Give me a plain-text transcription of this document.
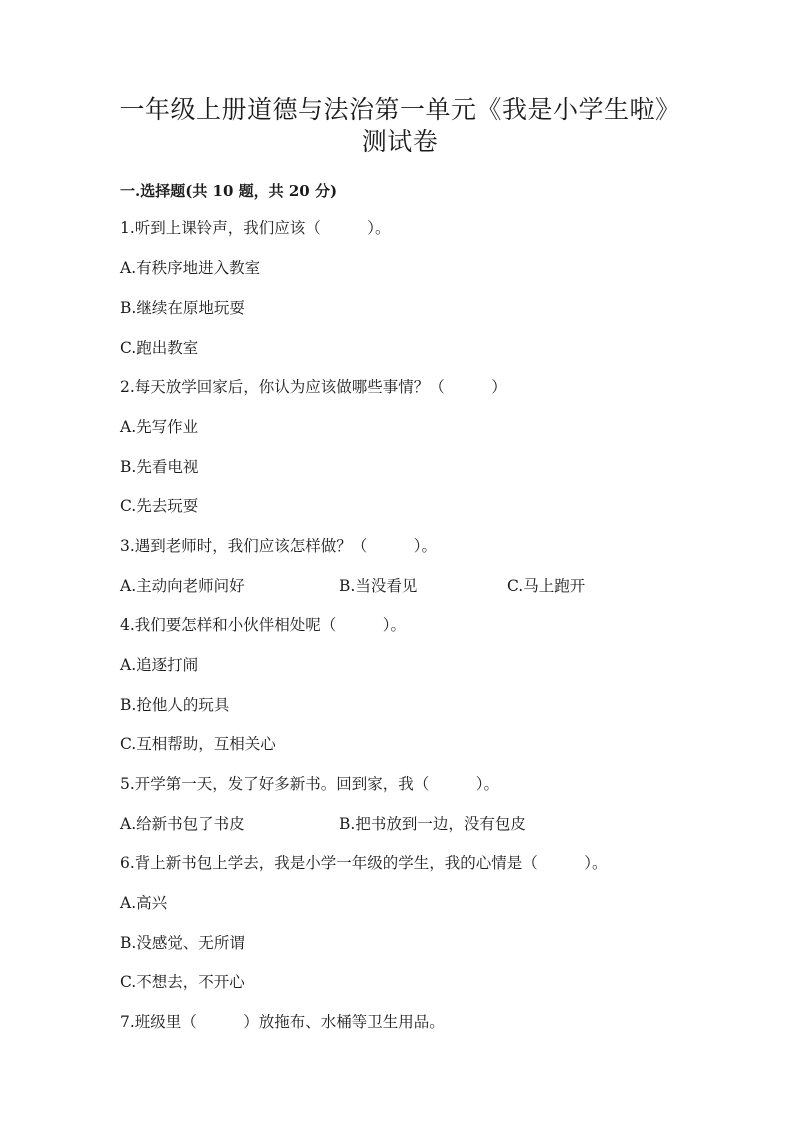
一年级上册道德与法治第一单元《我是小学生啦》
测试卷
一.选择题(共 10 题，共 20 分)
1.听到上课铃声，我们应该（　　　）。
A.有秩序地进入教室
B.继续在原地玩耍
C.跑出教室
2.每天放学回家后，你认为应该做哪些事情？（　　　）
A.先写作业
B.先看电视
C.先去玩耍
3.遇到老师时，我们应该怎样做？（　　　）。

A.主动向老师问好

	B.当没看见

	C.马上跑开

4.我们要怎样和小伙伴相处呢（　　　）。
A.追逐打闹
B.抢他人的玩具
C.互相帮助，互相关心
5.开学第一天，发了好多新书。回到家，我（　　　）。

A.给新书包了书皮

	B.把书放到一边，没有包皮

6.背上新书包上学去，我是小学一年级的学生，我的心情是（　　　）。
A.高兴
B.没感觉、无所谓
C.不想去，不开心
7.班级里（　　　）放拖布、水桶等卫生用品。
